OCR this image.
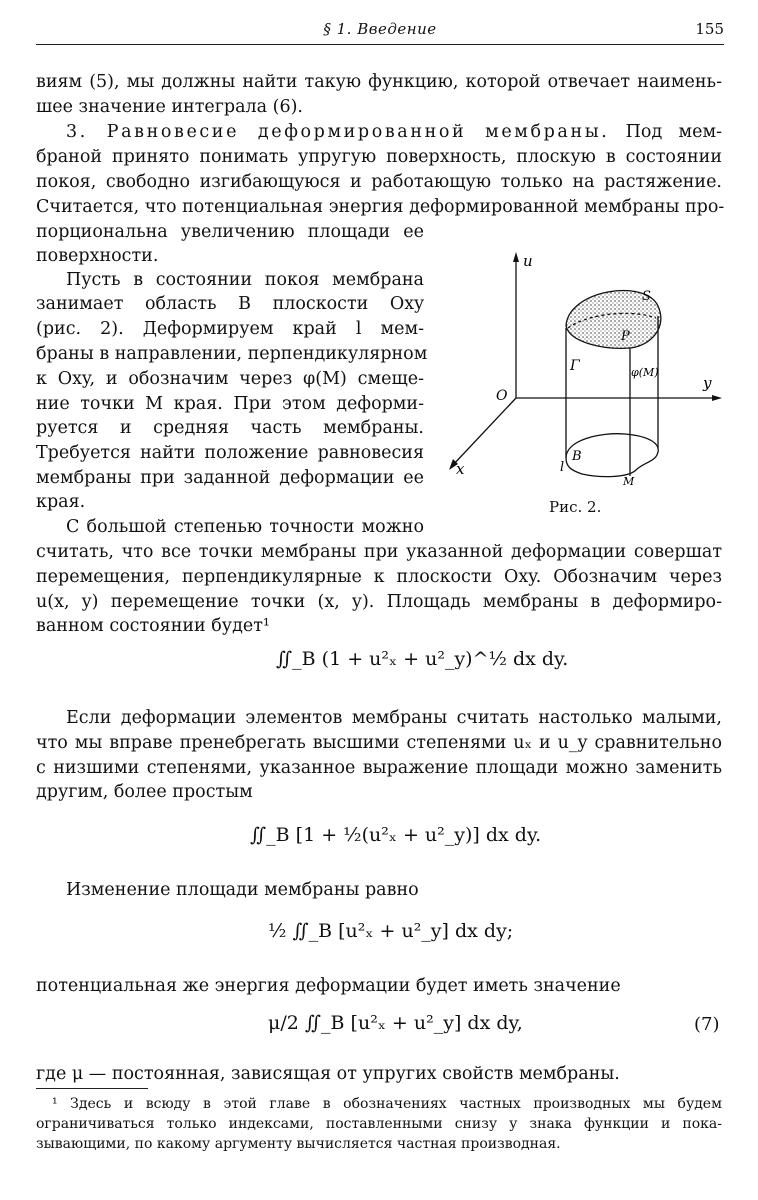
§ 1. Введение	155
виям (5), мы должны найти такую функцию, которой отвечает наимень-
шее значение интеграла (6).
3. Равновесие деформированной мембраны. Под мем-
браной принято понимать упругую поверхность, плоскую в состоянии
покоя, свободно изгибающуюся и работающую только на растяжение.
Считается, что потенциальная энергия деформированной мембраны про-
порциональна увеличению площади ее
поверхности.
Пусть в состоянии покоя мембрана
занимает область B плоскости Oxy
(рис. 2). Деформируем край l мем-
браны в направлении, перпендикулярном
к Oxy, и обозначим через φ(M) смеще-
ние точки M края. При этом деформи-
руется и средняя часть мембраны.
Требуется найти положение равновесия
мембраны при заданной деформации ее
края.
u
y
x
O
S
P
Γ	φ(M)
B
l
M
Рис. 2.
С большой степенью точности можно
считать, что все точки мембраны при указанной деформации совершат
перемещения, перпендикулярные к плоскости Oxy. Обозначим через
u(x, y) перемещение точки (x, y). Площадь мембраны в деформиро-
ванном состоянии будет¹
∬_B (1 + u²ₓ + u²_y)^½ dx dy.
Если деформации элементов мембраны считать настолько малыми,
что мы вправе пренебрегать высшими степенями uₓ и u_y сравнительно
с низшими степенями, указанное выражение площади можно заменить
другим, более простым
∬_B [1 + ½(u²ₓ + u²_y)] dx dy.
Изменение площади мембраны равно
½ ∬_B [u²ₓ + u²_y] dx dy;
потенциальная же энергия деформации будет иметь значение
μ/2 ∬_B [u²ₓ + u²_y] dx dy,	(7)
где μ — постоянная, зависящая от упругих свойств мембраны.
¹ Здесь и всюду в этой главе в обозначениях частных производных мы будем
ограничиваться только индексами, поставленными снизу у знака функции и пока-
зывающими, по какому аргументу вычисляется частная производная.
